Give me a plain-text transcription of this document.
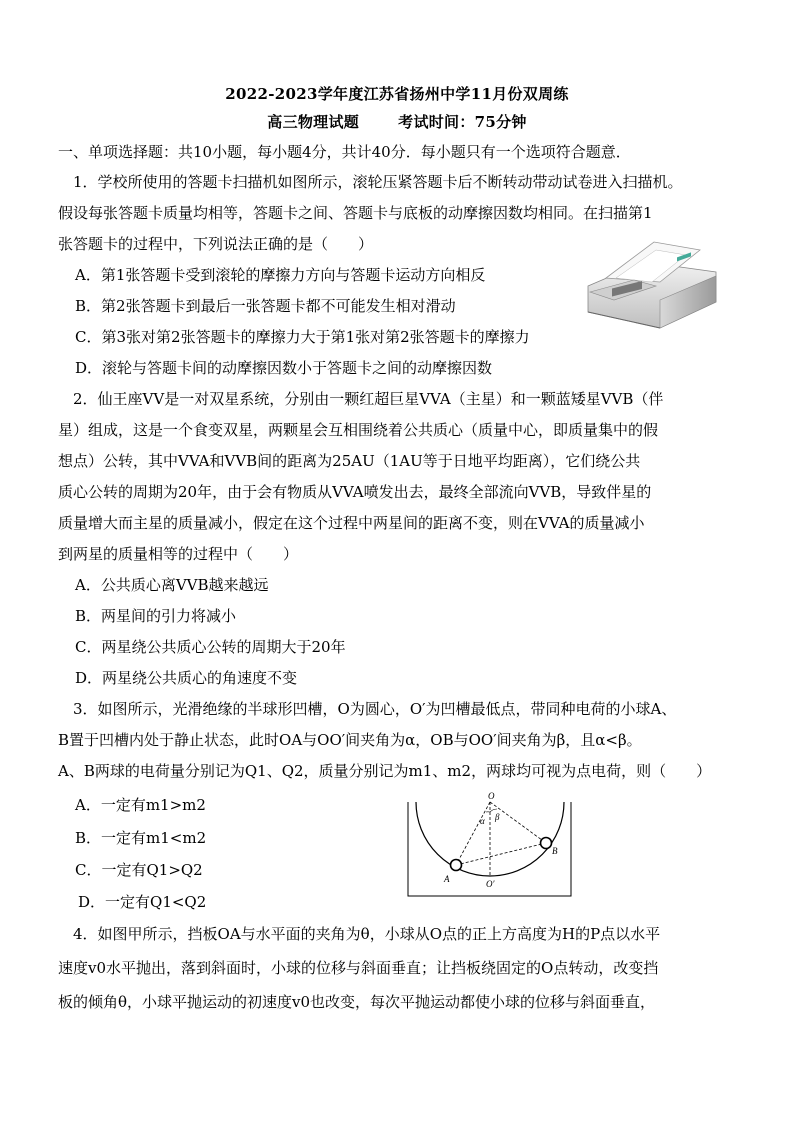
2022-2023学年度江苏省扬州中学11月份双周练
高三物理试题	考试时间：75分钟
一、单项选择题：共10小题，每小题4分，共计40分．每小题只有一个选项符合题意．
1．学校所使用的答题卡扫描机如图所示，滚轮压紧答题卡后不断转动带动试卷进入扫描机。
假设每张答题卡质量均相等，答题卡之间、答题卡与底板的动摩擦因数均相同。在扫描第1
张答题卡的过程中，下列说法正确的是（　　）
A．第1张答题卡受到滚轮的摩擦力方向与答题卡运动方向相反
B．第2张答题卡到最后一张答题卡都不可能发生相对滑动
C．第3张对第2张答题卡的摩擦力大于第1张对第2张答题卡的摩擦力
D．滚轮与答题卡间的动摩擦因数小于答题卡之间的动摩擦因数
2．仙王座VV是一对双星系统，分别由一颗红超巨星VVA（主星）和一颗蓝矮星VVB（伴
星）组成，这是一个食变双星，两颗星会互相围绕着公共质心（质量中心，即质量集中的假
想点）公转，其中VVA和VVB间的距离为25AU（1AU等于日地平均距离），它们绕公共
质心公转的周期为20年，由于会有物质从VVA喷发出去，最终全部流向VVB，导致伴星的
质量增大而主星的质量减小，假定在这个过程中两星间的距离不变，则在VVA的质量减小
到两星的质量相等的过程中（　　）
A．公共质心离VVB越来越远
B．两星间的引力将减小
C．两星绕公共质心公转的周期大于20年
D．两星绕公共质心的角速度不变
3．如图所示，光滑绝缘的半球形凹槽，O为圆心，O′为凹槽最低点，带同种电荷的小球A、
B置于凹槽内处于静止状态，此时OA与OO′间夹角为α，OB与OO′间夹角为β，且α<β。
A、B两球的电荷量分别记为Q1、Q2，质量分别记为m1、m2，两球均可视为点电荷，则（　　）
A．一定有m1>m2
B．一定有m1<m2
C．一定有Q1>Q2
D．一定有Q1<Q2
O
α β
A
B
O′
4．如图甲所示，挡板OA与水平面的夹角为θ，小球从O点的正上方高度为H的P点以水平
速度v0水平抛出，落到斜面时，小球的位移与斜面垂直；让挡板绕固定的O点转动，改变挡
板的倾角θ，小球平抛运动的初速度v0也改变，每次平抛运动都使小球的位移与斜面垂直，
